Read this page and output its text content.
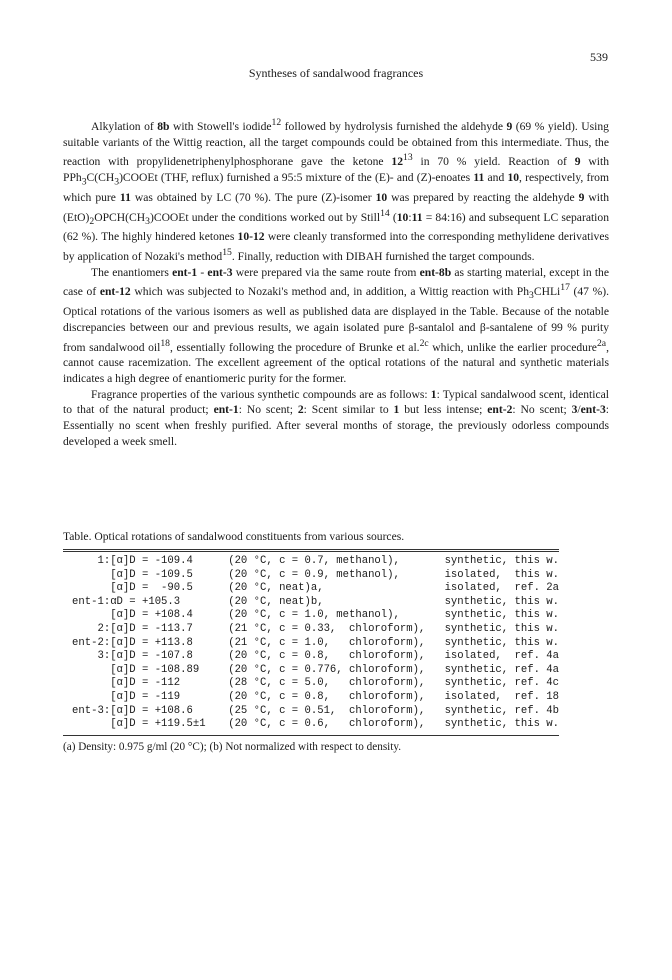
539
Syntheses of sandalwood fragrances

Alkylation of 8b with Stowell's iodide$^{12}$ followed by hydrolysis furnished the aldehyde 9 (69 % yield). Using suitable variants of the Wittig reaction, all the target compounds could be obtained from this intermediate. Thus, the reaction with propylidenetriphenylphosphorane gave the ketone $12^{13}$ in 70 % yield. Reaction of 9 with $PPh_3C(CH_3)COOEt$ (THF, reflux) furnished a 95:5 mixture of the (E)- and (Z)-enoates 11 and 10, respectively, from which pure 11 was obtained by LC (70 %). The pure (Z)-isomer 10 was prepared by reacting the aldehyde 9 with $(EtO)_2OPCH(CH_3)COOEt$ under the conditions worked out by Still$^{14}$ (10:11 = 84:16) and subsequent LC separation (62 %). The highly hindered ketones 10-12 were cleanly transformed into the corresponding methylidene derivatives by application of Nozaki's method$^{15}$. Finally, reduction with DIBAH furnished the target compounds.

The enantiomers ent-1 - ent-3 were prepared via the same route from ent-8b as starting material, except in the case of ent-12 which was subjected to Nozaki's method and, in addition, a Wittig reaction with $Ph_3CHLi^{17}$ (47 %). Optical rotations of the various isomers as well as published data are displayed in the Table. Because of the notable discrepancies between our and previous results, we again isolated pure β-santalol and β-santalene of 99 % purity from sandalwood oil$^{18}$, essentially following the procedure of Brunke et al.$^{2c}$ which, unlike the earlier procedure$^{2a}$, cannot cause racemization. The excellent agreement of the optical rotations of the natural and synthetic materials indicates a high degree of enantiomeric purity for the former.

Fragrance properties of the various synthetic compounds are as follows: 1: Typical sandalwood scent, identical to that of the natural product; ent-1: No scent; 2: Scent similar to 1 but less intense; ent-2: No scent; 3/ent-3: Essentially no scent when freshly purified. After several months of storage, the previously odorless compounds developed a week smell.

Table. Optical rotations of sandalwood constituents from various sources.
1:	[α]D = -109.4	(20 °C, c = 0.7, methanol),	synthetic, this w.
	[α]D = -109.5	(20 °C, c = 0.9, methanol),	isolated,  this w.
	[α]D =  -90.5	(20 °C, neat)a,	isolated,  ref. 2a
ent-1:	αD = +105.3	(20 °C, neat)b,	synthetic, this w.
	[α]D = +108.4	(20 °C, c = 1.0, methanol),	synthetic, this w.
2:	[α]D = -113.7	(21 °C, c = 0.33,  chloroform),	synthetic, this w.
ent-2:	[α]D = +113.8	(21 °C, c = 1.0,   chloroform),	synthetic, this w.
3:	[α]D = -107.8	(20 °C, c = 0.8,   chloroform),	isolated,  ref. 4a
	[α]D = -108.89	(20 °C, c = 0.776, chloroform),	synthetic, ref. 4a
	[α]D = -112	(28 °C, c = 5.0,   chloroform),	synthetic, ref. 4c
	[α]D = -119	(20 °C, c = 0.8,   chloroform),	isolated,  ref. 18
ent-3:	[α]D = +108.6	(25 °C, c = 0.51,  chloroform),	synthetic, ref. 4b
	[α]D = +119.5±1	(20 °C, c = 0.6,   chloroform),	synthetic, this w.
(a) Density: 0.975 g/ml (20 °C); (b) Not normalized with respect to density.
